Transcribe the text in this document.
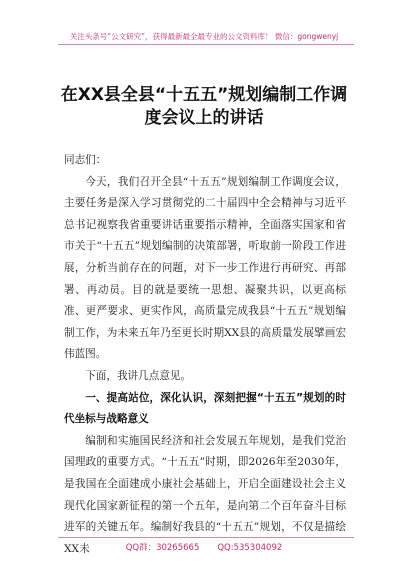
关注头条号“公文研究”，获得最新最全最专业的公文资料库！ 微信：gongwenyj
在XX县全县“十五五”规划编制工作调
度会议上的讲话

同志们：

今天，我们召开全县“十五五”规划编制工作调度会议，主要任务是深入学习贯彻党的二十届四中全会精神与习近平总书记视察我省重要讲话重要指示精神，全面落实国家和省市关于“十五五”规划编制的决策部署，听取前一阶段工作进展，分析当前存在的问题，对下一步工作进行再研究、再部署、再动员。目的就是要统一思想、凝聚共识，以更高标准、更严要求、更实作风，高质量完成我县“十五五”规划编制工作，为未来五年乃至更长时期XX县的高质量发展擘画宏伟蓝图。

下面，我讲几点意见。

一、提高站位，深化认识，深刻把握“十五五”规划的时代坐标与战略意义

编制和实施国民经济和社会发展五年规划，是我们党治国理政的重要方式。“十五五”时期，即2026年至2030年，是我国在全面建成小康社会基础上，开启全面建设社会主义现代化国家新征程的第一个五年，是向第二个百年奋斗目标进军的关键五年。编制好我县的“十五五”规划，不仅是描绘XX未	QQ群：30265665 QQ:535304092
